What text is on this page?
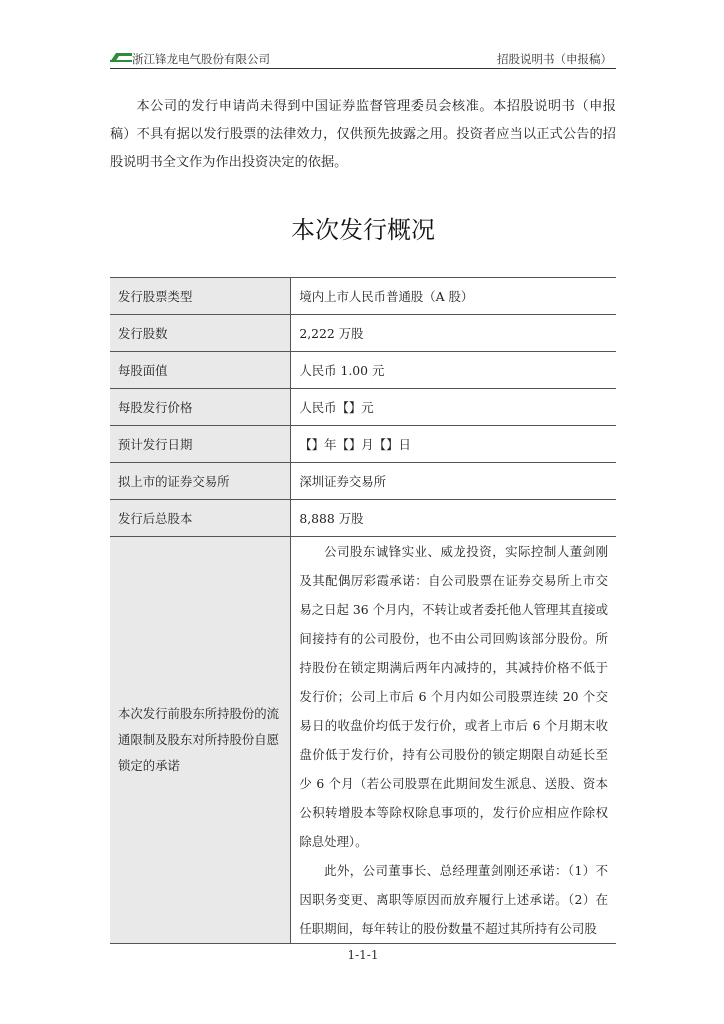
浙江锋龙电气股份有限公司	招股说明书（申报稿）

本公司的发行申请尚未得到中国证券监督管理委员会核准。本招股说明书（申报稿）不具有据以发行股票的法律效力，仅供预先披露之用。投资者应当以正式公告的招股说明书全文作为作出投资决定的依据。

本次发行概况
发行股票类型	境内上市人民币普通股（A 股）
发行股数	2,222 万股
每股面值	人民币 1.00 元
每股发行价格	人民币【】元
预计发行日期	【】年【】月【】日
拟上市的证券交易所	深圳证券交易所
发行后总股本	8,888 万股
本次发行前股东所持股份的流通限制及股东对所持股份自愿锁定的承诺	公司股东诚锋实业、威龙投资，实际控制人董剑刚及其配偶厉彩霞承诺：自公司股票在证券交易所上市交易之日起 36 个月内，不转让或者委托他人管理其直接或间接持有的公司股份，也不由公司回购该部分股份。所持股份在锁定期满后两年内减持的，其减持价格不低于发行价；公司上市后 6 个月内如公司股票连续 20 个交易日的收盘价均低于发行价，或者上市后 6 个月期末收盘价低于发行价，持有公司股份的锁定期限自动延长至少 6 个月（若公司股票在此期间发生派息、送股、资本公积转增股本等除权除息事项的，发行价应相应作除权除息处理）。

此外，公司董事长、总经理董剑刚还承诺：（1）不因职务变更、离职等原因而放弃履行上述承诺。（2）在任职期间，每年转让的股份数量不超过其所持有公司股

1-1-1
